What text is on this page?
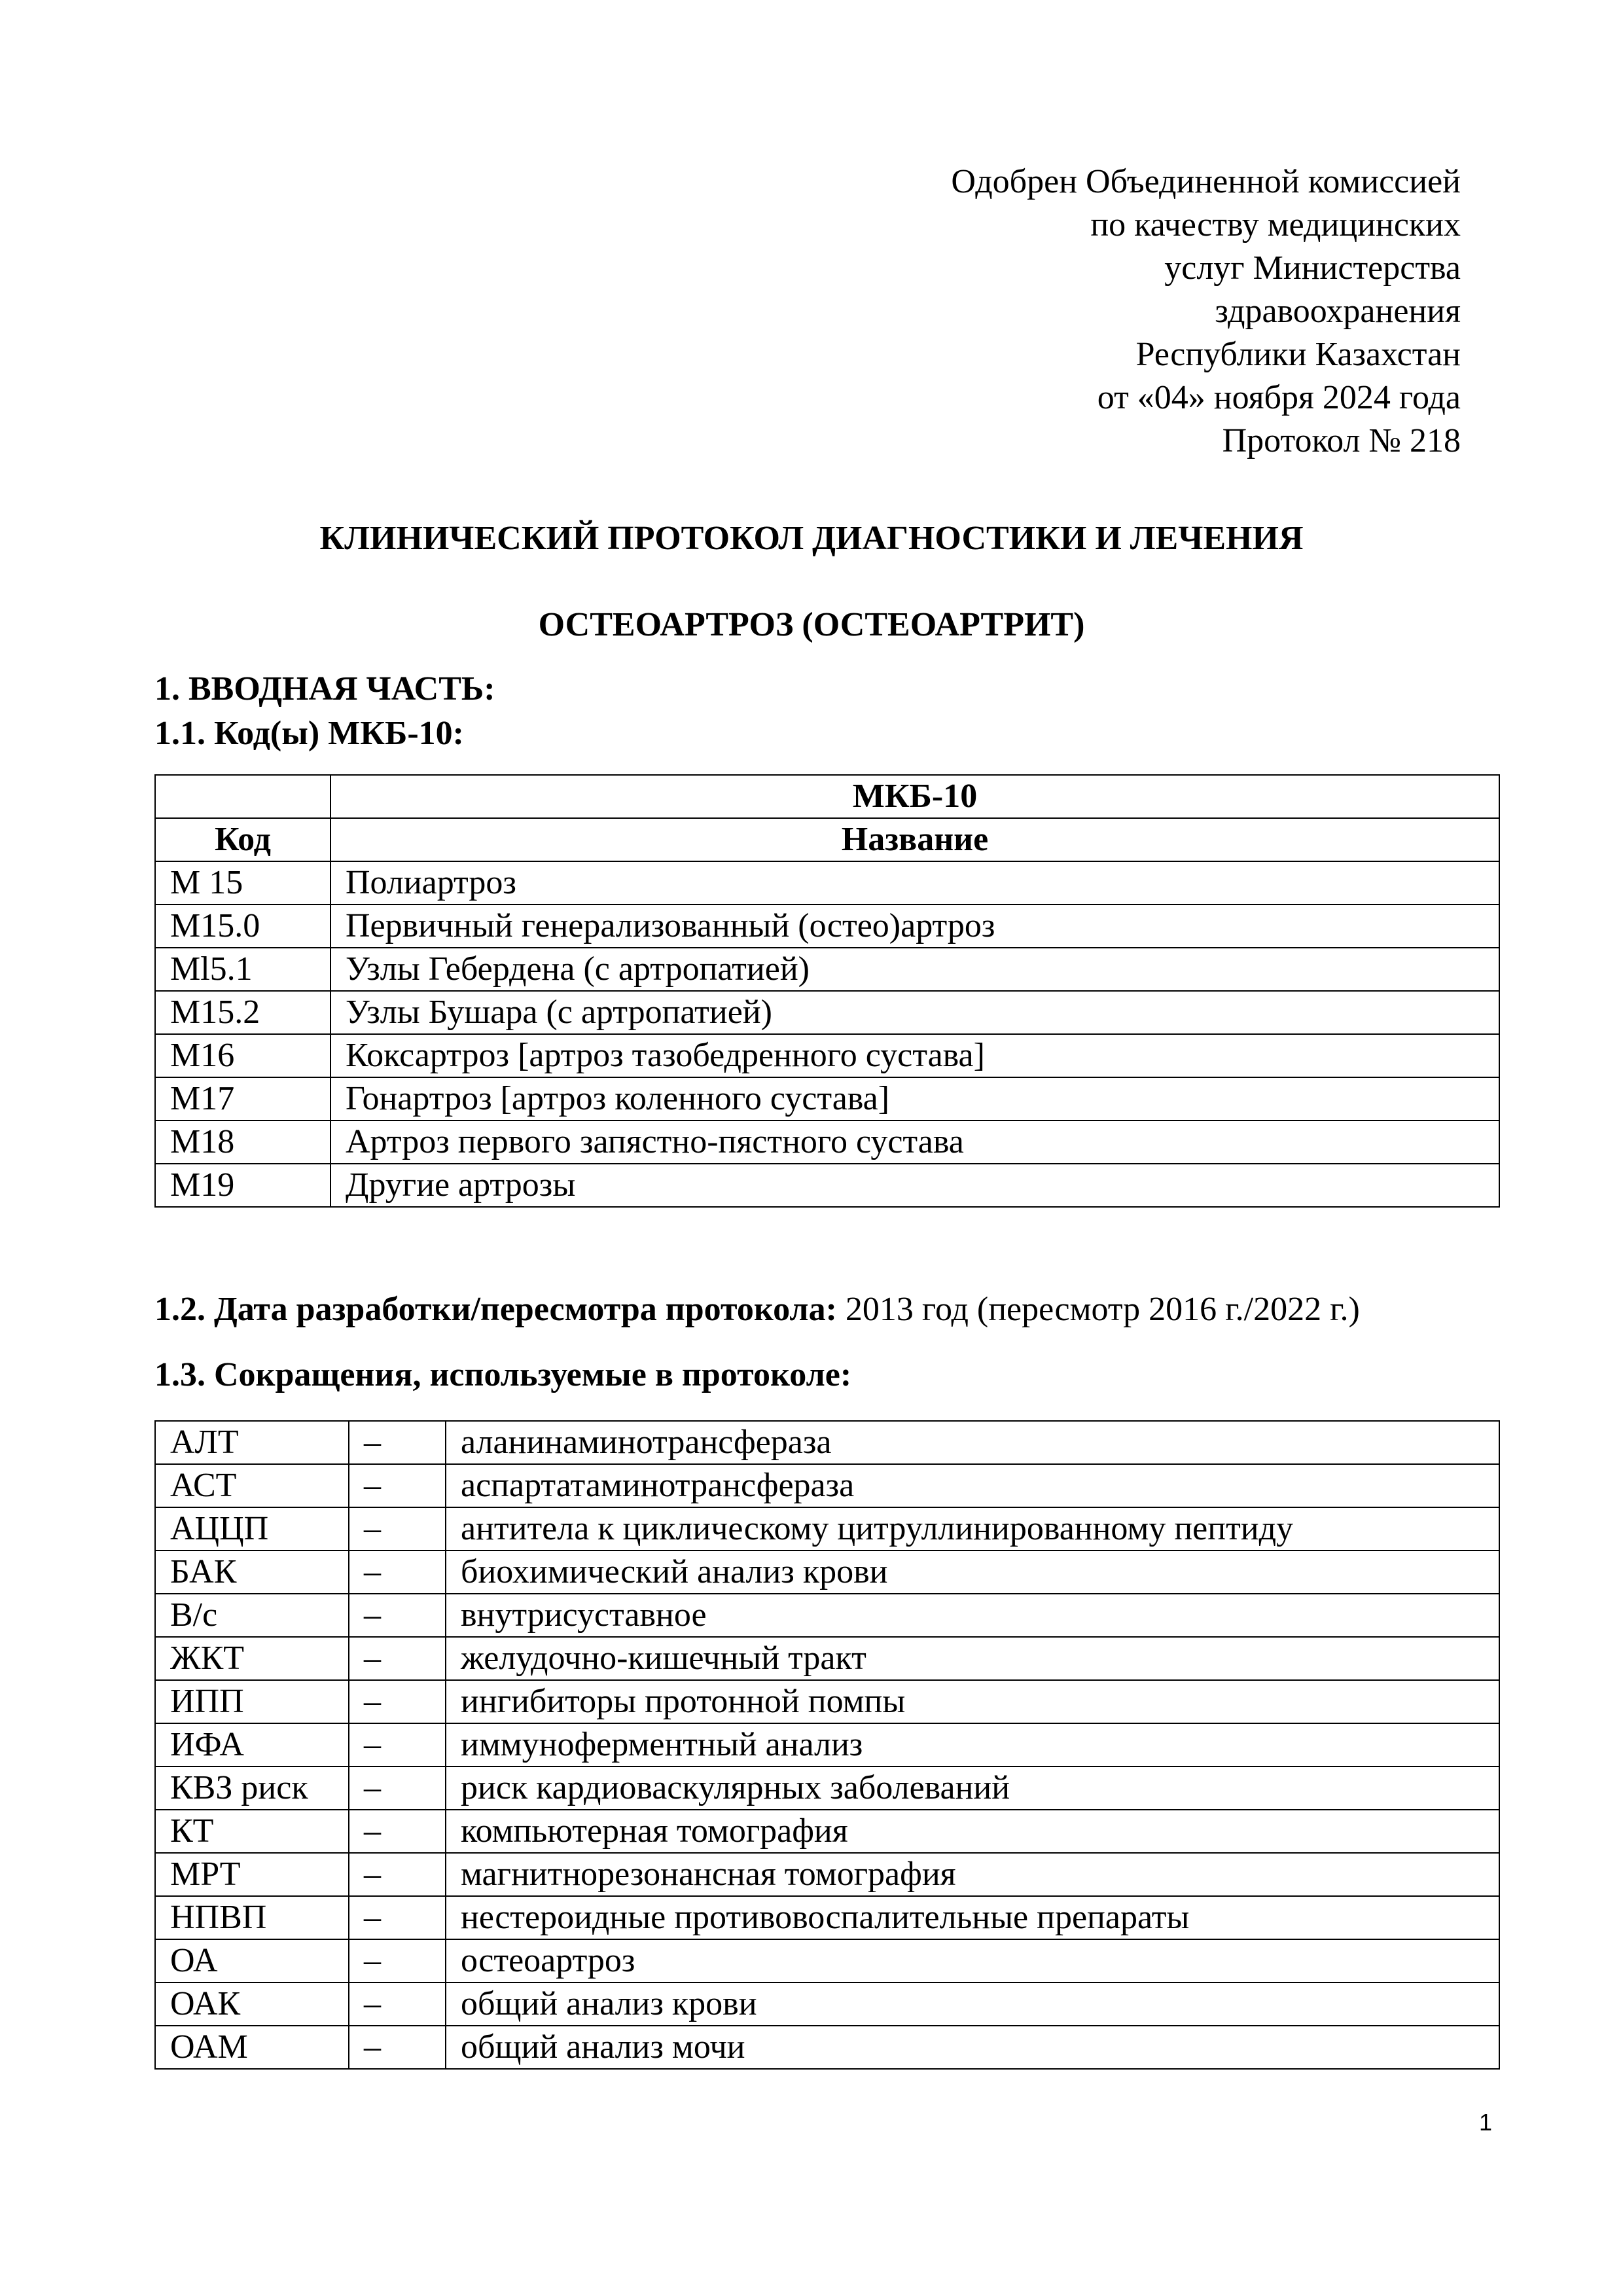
Одобрен Объединенной комиссией
по качеству медицинских
услуг Министерства
здравоохранения
Республики Казахстан
от «04» ноября 2024 года
Протокол № 218
КЛИНИЧЕСКИЙ ПРОТОКОЛ ДИАГНОСТИКИ И ЛЕЧЕНИЯ
ОСТЕОАРТРОЗ (ОСТЕОАРТРИТ)
1. ВВОДНАЯ ЧАСТЬ:
1.1. Код(ы) МКБ-10:
	МКБ-10
Код	Название
М 15	Полиартроз
М15.0	Первичный генерализованный (остео)артроз
Ml5.1	Узлы Гебердена (с артропатией)
М15.2	Узлы Бушара (с артропатией)
М16	Коксартроз [артроз тазобедренного сустава]
М17	Гонартроз [артроз коленного сустава]
М18	Артроз первого запястно-пястного сустава
М19	Другие артрозы
1.2. Дата разработки/пересмотра протокола: 2013 год (пересмотр 2016 г./2022 г.)
1.3. Сокращения, используемые в протоколе:
АЛТ	–	аланинаминотрансфераза
АСТ	–	аспартатаминотрансфераза
АЦЦП	–	антитела к циклическому цитруллинированному пептиду
БАК	–	биохимический анализ крови
В/с	–	внутрисуставное
ЖКТ	–	желудочно-кишечный тракт
ИПП	–	ингибиторы протонной помпы
ИФА	–	иммуноферментный анализ
КВЗ риск	–	риск кардиоваскулярных заболеваний
КТ	–	компьютерная томография
МРТ	–	магнитнорезонансная томография
НПВП	–	нестероидные противовоспалительные препараты
ОА	–	остеоартроз
ОАК	–	общий анализ крови
ОАМ	–	общий анализ мочи
1
